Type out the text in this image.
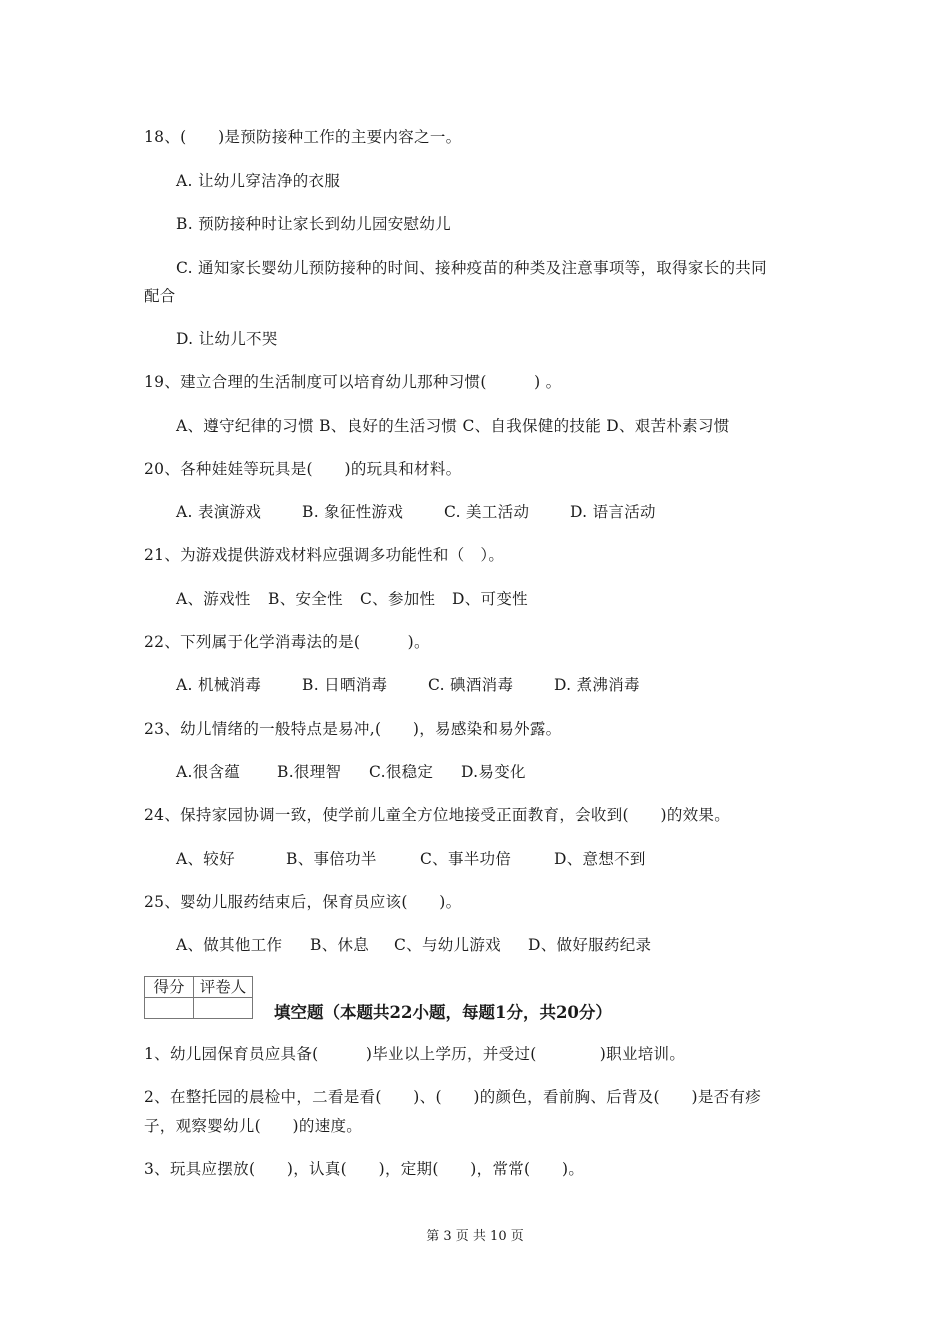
18、(　　)是预防接种工作的主要内容之一。
A. 让幼儿穿洁净的衣服
B. 预防接种时让家长到幼儿园安慰幼儿
C. 通知家长婴幼儿预防接种的时间、接种疫苗的种类及注意事项等，取得家长的共同
配合
D. 让幼儿不哭
19、建立合理的生活制度可以培育幼儿那种习惯(　　　) 。
A、遵守纪律的习惯 B、良好的生活习惯 C、自我保健的技能 D、艰苦朴素习惯
20、各种娃娃等玩具是(　　)的玩具和材料。
A. 表演游戏	B. 象征性游戏	C. 美工活动	D. 语言活动
21、为游戏提供游戏材料应强调多功能性和（　）。
A、游戏性 B、安全性 C、参加性 D、可变性
22、下列属于化学消毒法的是(　　　)。
A. 机械消毒	B. 日晒消毒	C. 碘酒消毒	D. 煮沸消毒
23、幼儿情绪的一般特点是易冲,(　　)，易感染和易外露。
A.很含蕴 B.很理智 C.很稳定 D.易变化
24、保持家园协调一致，使学前儿童全方位地接受正面教育，会收到(　　)的效果。
A、较好	B、事倍功半	C、事半功倍	D、意想不到
25、婴幼儿服药结束后，保育员应该(　　)。
A、做其他工作 B、休息 C、与幼儿游戏 D、做好服药纪录
得分	评卷人

填空题（本题共22小题，每题1分，共20分）
1、幼儿园保育员应具备(　　　)毕业以上学历，并受过(　　　　)职业培训。
2、在整托园的晨检中，二看是看(　　)、(　　)的颜色，看前胸、后背及(　　)是否有疹
子，观察婴幼儿(　　)的速度。
3、玩具应摆放(　　)，认真(　　)，定期(　　)，常常(　　)。
第 3 页 共 10 页
